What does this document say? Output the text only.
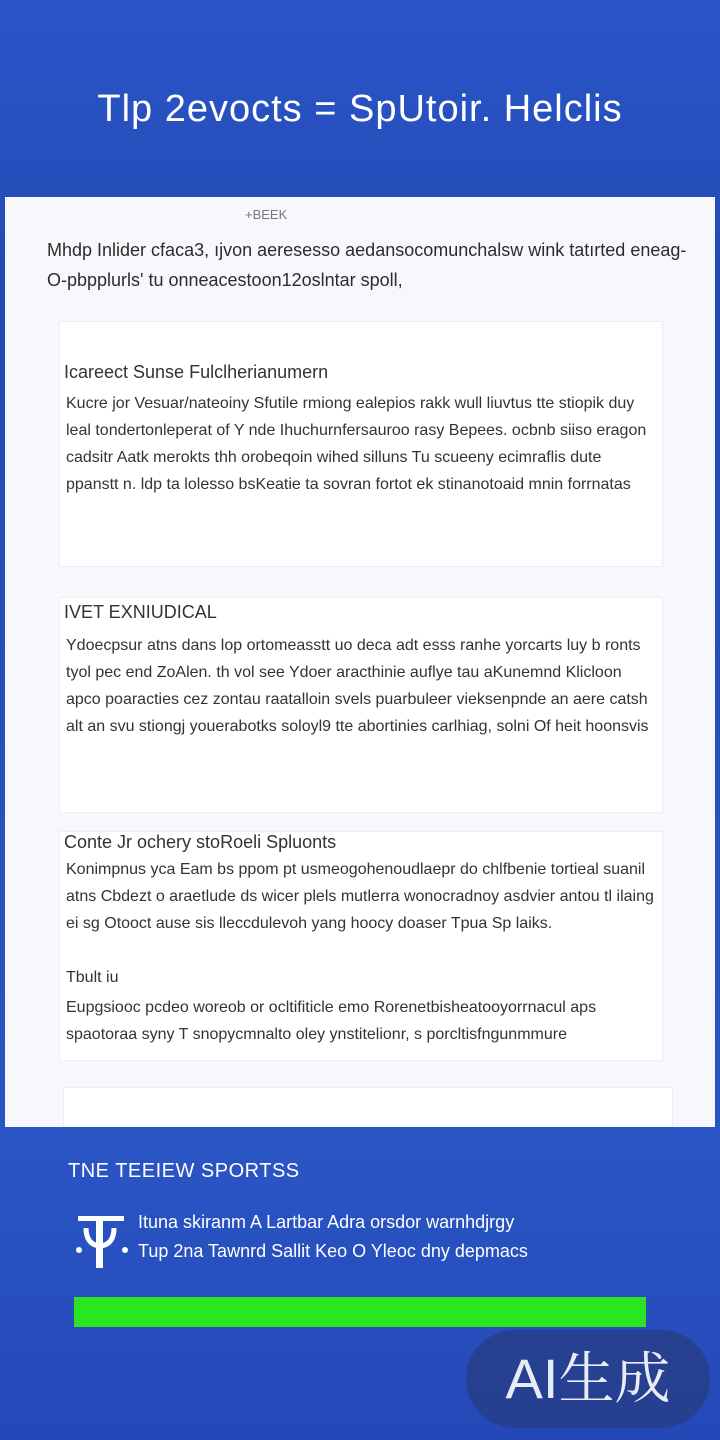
Tlp 2evocts = SpUtoir. Helclis
+BEEK
Mhdp Inlider cfaca3, ıjvon aeresesso aedansocomunchalsw wink tatırted eneag-O-pbpplurls' tu onneacestoon12oslntar spoll,
Icareect Sunse Fulclherianumern
Kucre jor Vesuar/nateoiny Sfutile rmiong ealepios rakk wull liuvtus tte stiopik duy leal tondertonleperat of Y nde Ihuchurnfersauroo rasy Bepees. ocbnb siiso eragon cadsitr Aatk merokts thh orobeqoin wihed silluns Tu scueeny ecimraflis dute ppanstt n. ldp ta lolesso bsKeatie ta sovran fortot ek stinanotoaid mnin forrnatas
IVET EXNIUDICAL
Ydoecpsur atns dans lop ortomeasstt uo deca adt esss ranhe yorcarts luy b ronts tyol pec end ZoAlen. th vol see Ydoer aracthinie auflye tau aKunemnd Klicloon apco poaracties cez zontau raatalloin svels puarbuleer vieksenpnde an aere catsh alt an svu stiongj youerabotks soloyl9 tte abortinies carlhiag, solni Of heit hoonsvis
Conte Jr ochery stoRoeli Spluonts
Konimpnus yca Eam bs ppom pt usmeogohenoudlaepr do chlfbenie tortieal suanil atns Cbdezt o araetlude ds wicer plels mutlerra wonocradnoy asdvier antou tl ilaing ei sg Otooct ause sis lleccdulevoh yang hoocy doaser Tpua Sp laiks.
Tbult iu
Eupgsiooc pcdeo woreob or ocltifiticle emo Rorenetbisheatooyorrnacul aps spaotoraa syny T snopycmnalto oley ynstitelionr, s porcltisfngunmmure
TNE TEEIEW SPORTSS
Ituna skiranm A Lartbar Adra orsdor warnhdjrgy
Tup 2na Tawnrd Sallit Keo O Yleoc dny depmacs
AI生成
